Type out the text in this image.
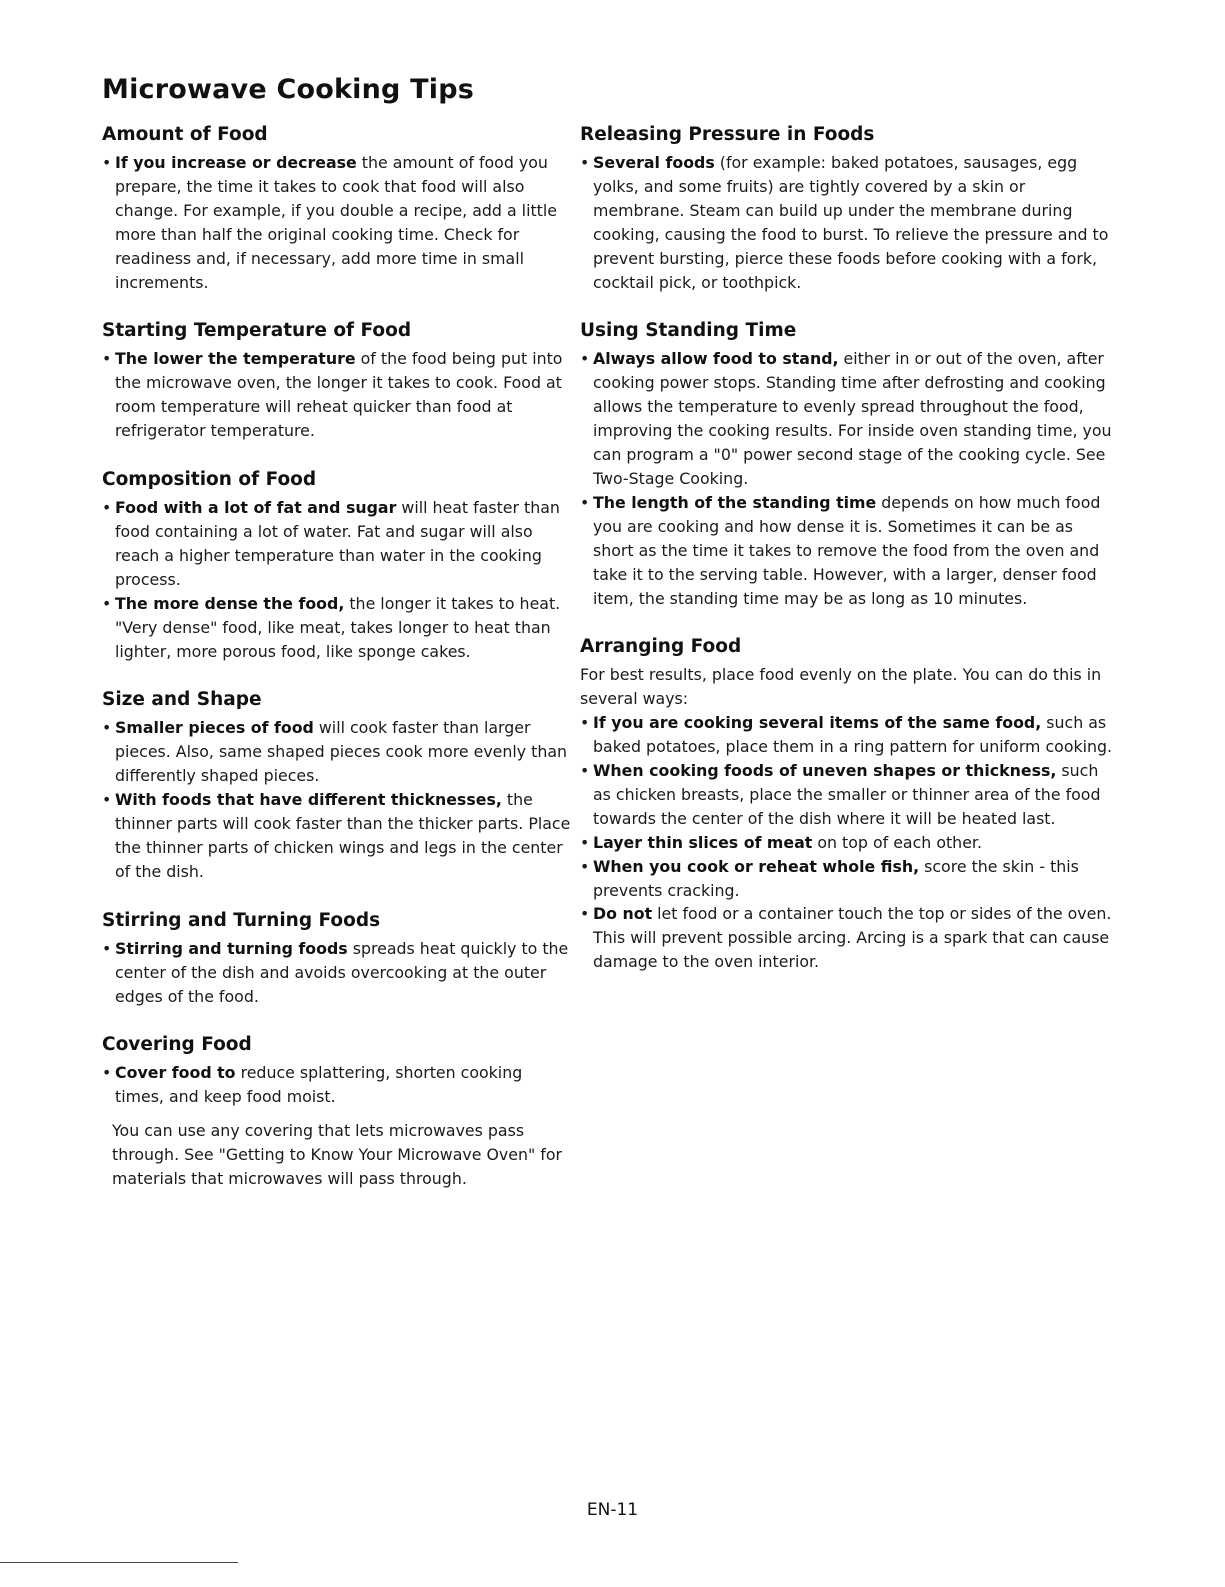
Microwave Cooking Tips
Amount of Food
• If you increase or decrease the amount of food you prepare, the time it takes to cook that food will also change. For example, if you double a recipe, add a little more than half the original cooking time. Check for readiness and, if necessary, add more time in small increments.
Starting Temperature of Food
• The lower the temperature of the food being put into the microwave oven, the longer it takes to cook. Food at room temperature will reheat quicker than food at refrigerator temperature.
Composition of Food
• Food with a lot of fat and sugar will heat faster than food containing a lot of water. Fat and sugar will also reach a higher temperature than water in the cooking process.
• The more dense the food, the longer it takes to heat. "Very dense" food, like meat, takes longer to heat than lighter, more porous food, like sponge cakes.
Size and Shape
• Smaller pieces of food will cook faster than larger pieces. Also, same shaped pieces cook more evenly than differently shaped pieces.
• With foods that have different thicknesses, the thinner parts will cook faster than the thicker parts. Place the thinner parts of chicken wings and legs in the center of the dish.
Stirring and Turning Foods
• Stirring and turning foods spreads heat quickly to the center of the dish and avoids overcooking at the outer edges of the food.
Covering Food
• Cover food to reduce splattering, shorten cooking times, and keep food moist.

You can use any covering that lets microwaves pass through. See "Getting to Know Your Microwave Oven" for materials that microwaves will pass through.

Releasing Pressure in Foods
• Several foods (for example: baked potatoes, sausages, egg yolks, and some fruits) are tightly covered by a skin or membrane. Steam can build up under the membrane during cooking, causing the food to burst. To relieve the pressure and to prevent bursting, pierce these foods before cooking with a fork, cocktail pick, or toothpick.
Using Standing Time
• Always allow food to stand, either in or out of the oven, after cooking power stops. Standing time after defrosting and cooking allows the temperature to evenly spread throughout the food, improving the cooking results. For inside oven standing time, you can program a "0" power second stage of the cooking cycle. See Two-Stage Cooking.
• The length of the standing time depends on how much food you are cooking and how dense it is. Sometimes it can be as short as the time it takes to remove the food from the oven and take it to the serving table. However, with a larger, denser food item, the standing time may be as long as 10 minutes.
Arranging Food

For best results, place food evenly on the plate. You can do this in several ways:

• If you are cooking several items of the same food, such as baked potatoes, place them in a ring pattern for uniform cooking.
• When cooking foods of uneven shapes or thickness, such as chicken breasts, place the smaller or thinner area of the food towards the center of the dish where it will be heated last.
• Layer thin slices of meat on top of each other.
• When you cook or reheat whole fish, score the skin - this prevents cracking.
• Do not let food or a container touch the top or sides of the oven. This will prevent possible arcing. Arcing is a spark that can cause damage to the oven interior.
EN-11
